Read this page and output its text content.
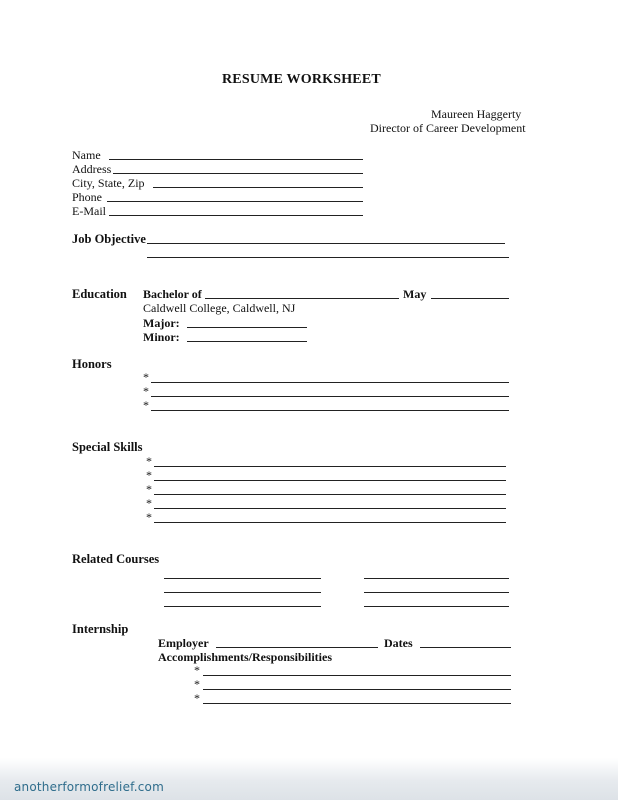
RESUME WORKSHEET
Maureen Haggerty
Director of Career Development
Name
Address
City, State, Zip
Phone
E-Mail
Job Objective
Education Bachelor of	May
Caldwell College, Caldwell, NJ
Major:
Minor:
Honors
*
*
*
Special Skills
*
*
*
*
*
Related Courses
Internship
Employer	Dates
Accomplishments/Responsibilities
*
*
*
anotherformofrelief.com
